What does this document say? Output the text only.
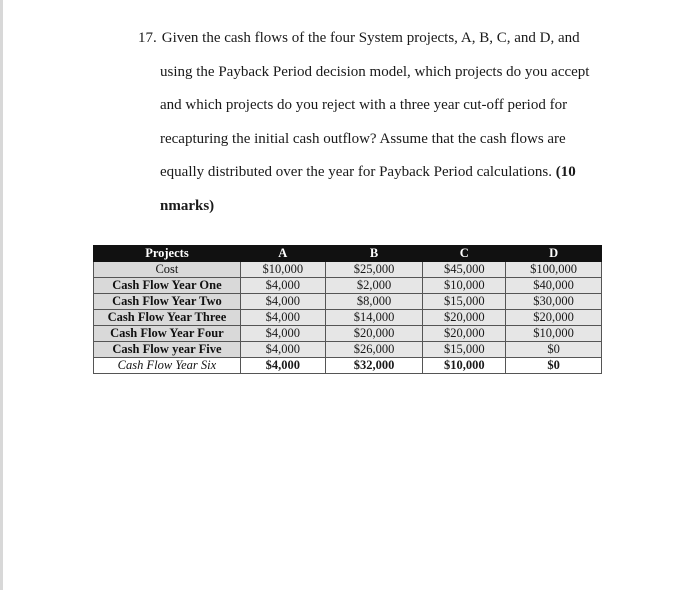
17. Given the cash flows of the four System projects, A, B, C, and D, and
using the Payback Period decision model, which projects do you accept
and which projects do you reject with a three year cut-off period for
recapturing the initial cash outflow? Assume that the cash flows are
equally distributed over the year for Payback Period calculations. (10
nmarks)
Projects	A	B	C	D
Cost	$10,000	$25,000	$45,000	$100,000
Cash Flow Year One	$4,000	$2,000	$10,000	$40,000
Cash Flow Year Two	$4,000	$8,000	$15,000	$30,000
Cash Flow Year Three	$4,000	$14,000	$20,000	$20,000
Cash Flow Year Four	$4,000	$20,000	$20,000	$10,000
Cash Flow year Five	$4,000	$26,000	$15,000	$0
Cash Flow Year Six	$4,000	$32,000	$10,000	$0
